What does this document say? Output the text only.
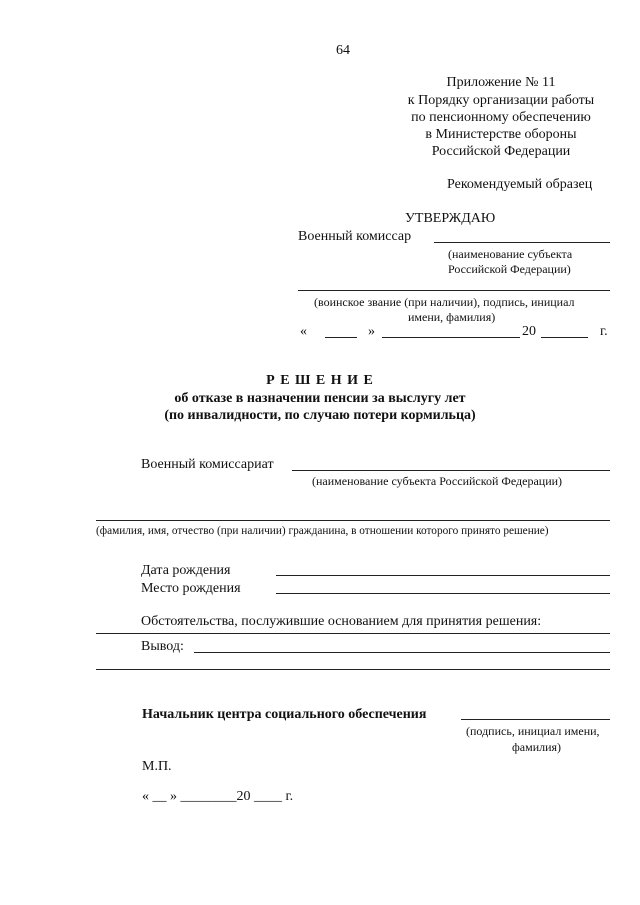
64
Приложение № 11
к Порядку организации работы
по пенсионному обеспечению
в Министерстве обороны
Российской Федерации
Рекомендуемый образец
УТВЕРЖДАЮ
Военный комиссар
(наименование субъекта
Российской Федерации)
(воинское звание (при наличии), подпись, инициал
имени, фамилия)
«	»	20	г.
Р Е Ш Е Н И Е
об отказе в назначении пенсии за выслугу лет
(по инвалидности, по случаю потери кормильца)
Военный комиссариат
(наименование субъекта Российской Федерации)
(фамилия, имя, отчество (при наличии) гражданина, в отношении которого принято решение)
Дата рождения
Место рождения
Обстоятельства, послужившие основанием для принятия решения:
Вывод:
Начальник центра социального обеспечения
(подпись, инициал имени,
фамилия)
М.П.
« __ » ________20 ____ г.
